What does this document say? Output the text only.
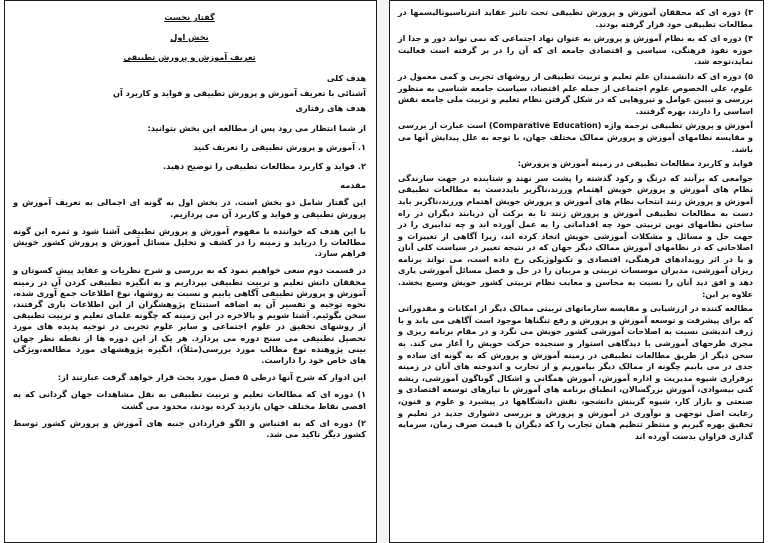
۳) دوره ای که محققان آموزش و پرورش تطبیقی تحت تاثیر عقاید انترناسیونالیسمها در مطالعات تطبیقی خود قرار گرفته بودند.

۴) دوره ای که به نظام آموزش و پرورش به عنوان نهاد اجتماعی که نمی تواند دور و جدا از حوزه نفوذ فرهنگی، سیاسی و اقتصادی جامعه ای که آن را در بر گرفته است فعالیت نماید،توجه شد.

۵) دوره ای که دانشمندان علم تعلیم و تربیت تطبیقی از روشهای تجربی و کمی معمول در علوم، علی الخصوص علوم اجتماعی از جمله علم اقتصاد، سیاست جامعه شناسی به منظور بررسی و تبیین عوامل و نیروهایی که در شکل گرفتن نظام تعلیم و تربیت ملی جامعه نقش اساسی را دارند، بهره گرفتند.

آموزش و پرورش تطبیقی ترجمه واژه (Comparative Education) است عبارت از بررسی و مقایسه نظامهای آموزش و پرورش ممالک مختلف جهان، با توجه به علل پیدایش آنها می باشد.

فواید و کاربرد مطالعات تطبیقی در زمینه آموزش و پرورش:

جوامعی که برآنند که درنگ و رکود گذشته را پشت سر نهند و شتابنده در جهت سازندگی نظام های آموزش و پرورش خویش اهتمام ورزند،ناگزیر بایددست به مطالعات تطبیقی آموزش و پرورش زنند انتخاب نظام های آموزش و پرورش خویش اهتمام ورزند،ناگزیر باید دست به مطالعات تطبیقی آموزش و پرورش زنند تا به برکت آن دریابند دیگران در راه ساختن نظامهای نوین تربیتی خود چه اقداماتی را به عمل آورده اند و چه تدابیری را در جهت حل و مسائل و مشکلات آموزشی خویش اتخاذ کرده اند، زیرا آگاهی از تغییرات و اصلاحاتی که در نظامهای آموزش ممالک دیگر جهان که در نتیجه تغییر در سیاست کلی آنان و یا در اثر رویدادهای فرهنگی، اقتصادی و تکنولوژیکی رخ داده است، می تواند برنامه ریزان آموزشی، مدیران موسسات تربیتی و مربیان را در حل و فصل مسائل آموزشی یاری دهد و افق دید آنان را نسبت به محاسن و معایب نظام تربیتی کشور خویش وسیع بخشد. علاوه بر این:

مطالعه کننده در ارزشیابی و مقایسه سازمانهای تربیتی ممالک دیگر از امکانات و مقدوراتی که برای پیشرفت و توسعه آموزش و پرورش و رفع تنگناها موجود است آگاهی می یابد و با ژرف اندیشی نسبت به اصلاحات آموزشی کشور خویش می نگرد و در مقام برنامه ریزی و مجری طرحهای آموزشی با دیدگاهی استوار و سنجیده حرکت خویش را آغاز می کند. به سخن دیگر از طریق مطالعات تطبیقی در زمینه آموزش و پرورش که به گونه ای ساده و جدی در می یابیم چگونه از ممالک دیگر بیاموزیم و از تجارب و اندوخته های آنان در زمینه برقراری شیوه مدیریت و اداره آموزش، آموزش همگانی و اشکال گوناگون آموزشی، ریشه کنی بیسوادی، آموزش بزرگسالان، انطباق برنامه های آموزش با نیازهای توسعه اقتصادی و صنعتی و بازار کار، شیوه گزینش دانشجو، نقش دانشگاهها در پیشبرد و علوم و فنون، رعایت اصل توجهی و نوآوری در آموزش و پرورش و بررسی دشواری جدید در تعلیم و تحقیق بهره گیریم و منتظر تنظیم همان تجارب را که دیگران با قیمت صرف زمان، سرمایه گذاری فراوان بدست آورده اند

گفتار نخست
بخش اول
تعریف آموزش و پرورش تطبیقی
هدف کلی

آشنائی با تعریف آموزش و پرورش تطبیقی و فواید و کاربرد آن

هدف های رفتاری

از شما انتظار می رود پس از مطالعه این بخش بتوانید:

۱. آموزش و پرورش تطبیقی را تعریف کنید

۲. فواید و کاربرد مطالعات تطبیقی را توضیح دهید.

مقدمه

این گفتار شامل دو بخش است. در بخش اول به گونه ای اجمالی به تعریف آموزش و پرورش تطبیقی و فواید و کاربرد آن می پردازیم.

با این هدف که خواننده با مفهوم آموزش و پرورش تطبیقی آشنا شود و ثمره این گونه مطالعات را دریابد و زمینه را در کشف و تحلیل مسائل آموزش و پرورش کشور خویش فراهم سازد.

در قسمت دوم سعی خواهیم نمود که به بررسی و شرح نظریات و عقاید پیش کسوتان و محققان دانش تعلیم و تربیت تطبیقی بپردازیم و به انگیزه تطبیقی کردن آن در زمینه آموزش و پرورش تطبیقی آگاهی یابیم و نسبت به روشها، نوع اطلاعات جمع آوری شده، نحوه توجیه و تفسیر آن به اضافه استنتاج پژوهشگران از این اطلاعات یاری گرفتند، سخن بگوئیم. آشنا شویم و بالاخره در این زمینه که چگونه علمای تعلیم و تربیت تطبیقی از روشهای تحقیق در علوم اجتماعی و سایر علوم تجربی در توجیه پدیده های مورد تحصیل تطبیقی می سنج دوره می پردازد. هر یک از این دوره ها از نقطه نظر جهان بینی پژوهنده نوع مطالب مورد بررسی(مثلاً)، انگیزه پژوهشهای مورد مطالعه،ویژگی های خاص خود را داراست.

این ادوار که شرح آنها درطی ۵ فصل مورد بحث قرار خواهد گرفت عبارتند از:

۱) دوره ای که مطالعات تعلیم و تربیت تطبیقی به نقل مشاهدات جهان گردانی که به اقصی نقاط مختلف جهان بازدید کرده بودند، محدود می گشت

۲) دوره ای که به اقتباس و الگو قراردادن جنبه های آموزش و پرورش کشور توسط کشور دیگر تاکید می شد.
